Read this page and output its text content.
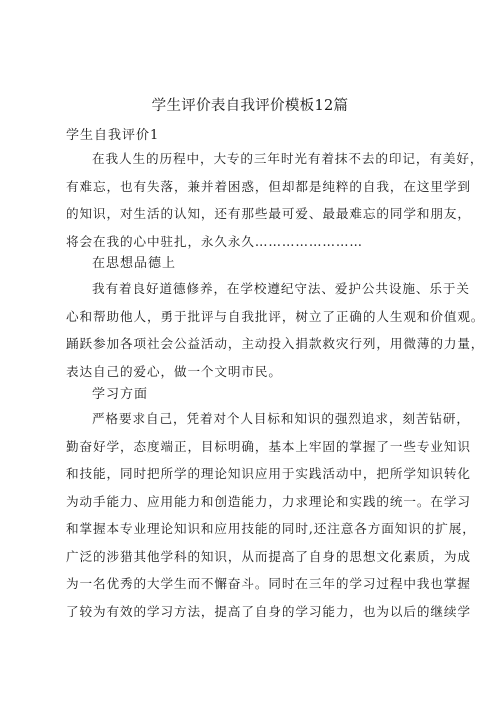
学生评价表自我评价模板12篇
学生自我评价1
在我人生的历程中，大专的三年时光有着抹不去的印记，有美好，
有难忘，也有失落，兼并着困惑，但却都是纯粹的自我，在这里学到
的知识，对生活的认知，还有那些最可爱、最最难忘的同学和朋友，
将会在我的心中驻扎，永久永久……………………
在思想品德上
我有着良好道德修养，在学校遵纪守法、爱护公共设施、乐于关
心和帮助他人，勇于批评与自我批评，树立了正确的人生观和价值观。
踊跃参加各项社会公益活动，主动投入捐款救灾行列，用微薄的力量，
表达自己的爱心，做一个文明市民。
学习方面
严格要求自己，凭着对个人目标和知识的强烈追求，刻苦钻研，
勤奋好学，态度端正，目标明确，基本上牢固的掌握了一些专业知识
和技能，同时把所学的理论知识应用于实践活动中，把所学知识转化
为动手能力、应用能力和创造能力，力求理论和实践的统一。在学习
和掌握本专业理论知识和应用技能的同时,还注意各方面知识的扩展，
广泛的涉猎其他学科的知识，从而提高了自身的思想文化素质，为成
为一名优秀的大学生而不懈奋斗。同时在三年的学习过程中我也掌握
了较为有效的学习方法，提高了自身的学习能力，也为以后的继续学
